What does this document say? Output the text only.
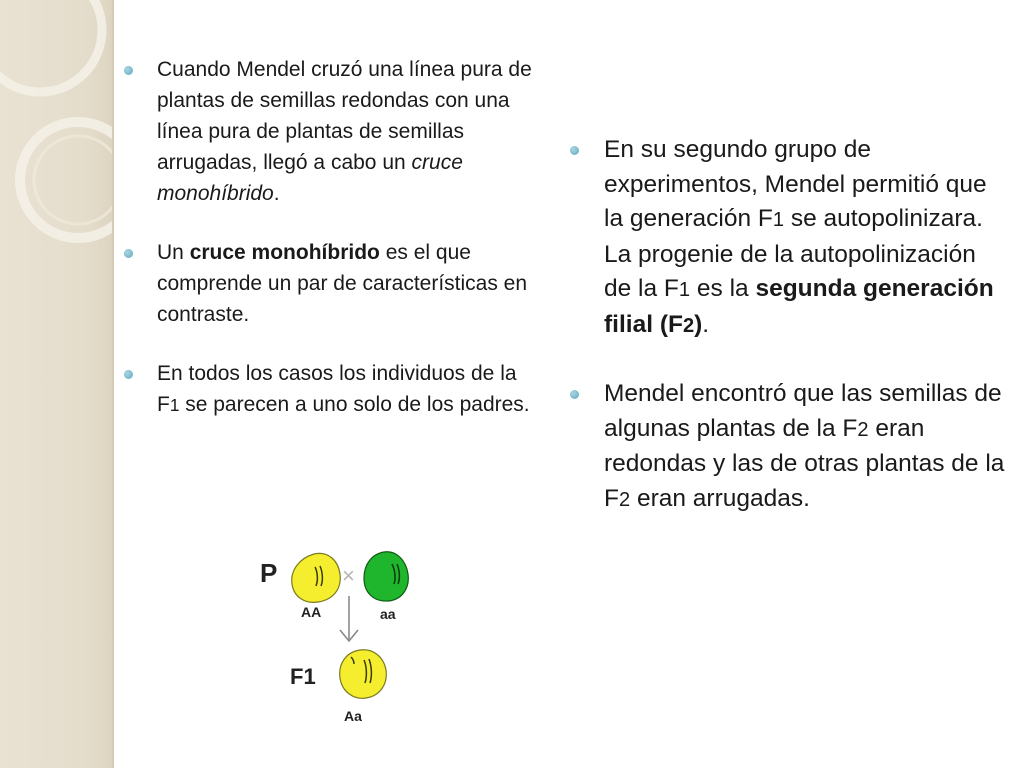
Cuando Mendel cruzó una línea pura de plantas de semillas redondas con una línea pura de plantas de semillas arrugadas, llegó a cabo un cruce monohíbrido.
Un cruce monohíbrido es el que comprende un par de características en contraste.
En todos los casos los individuos de la F1 se parecen a uno solo de los padres.
En su segundo grupo de experimentos, Mendel permitió que la generación F1 se autopolinizara. La progenie de la autopolinización de la F1 es la segunda generación filial (F2).
Mendel encontró que las semillas de algunas plantas de la F2 eran redondas y las de otras plantas de la F2 eran arrugadas.
P	×
AA	aa
F1
Aa
